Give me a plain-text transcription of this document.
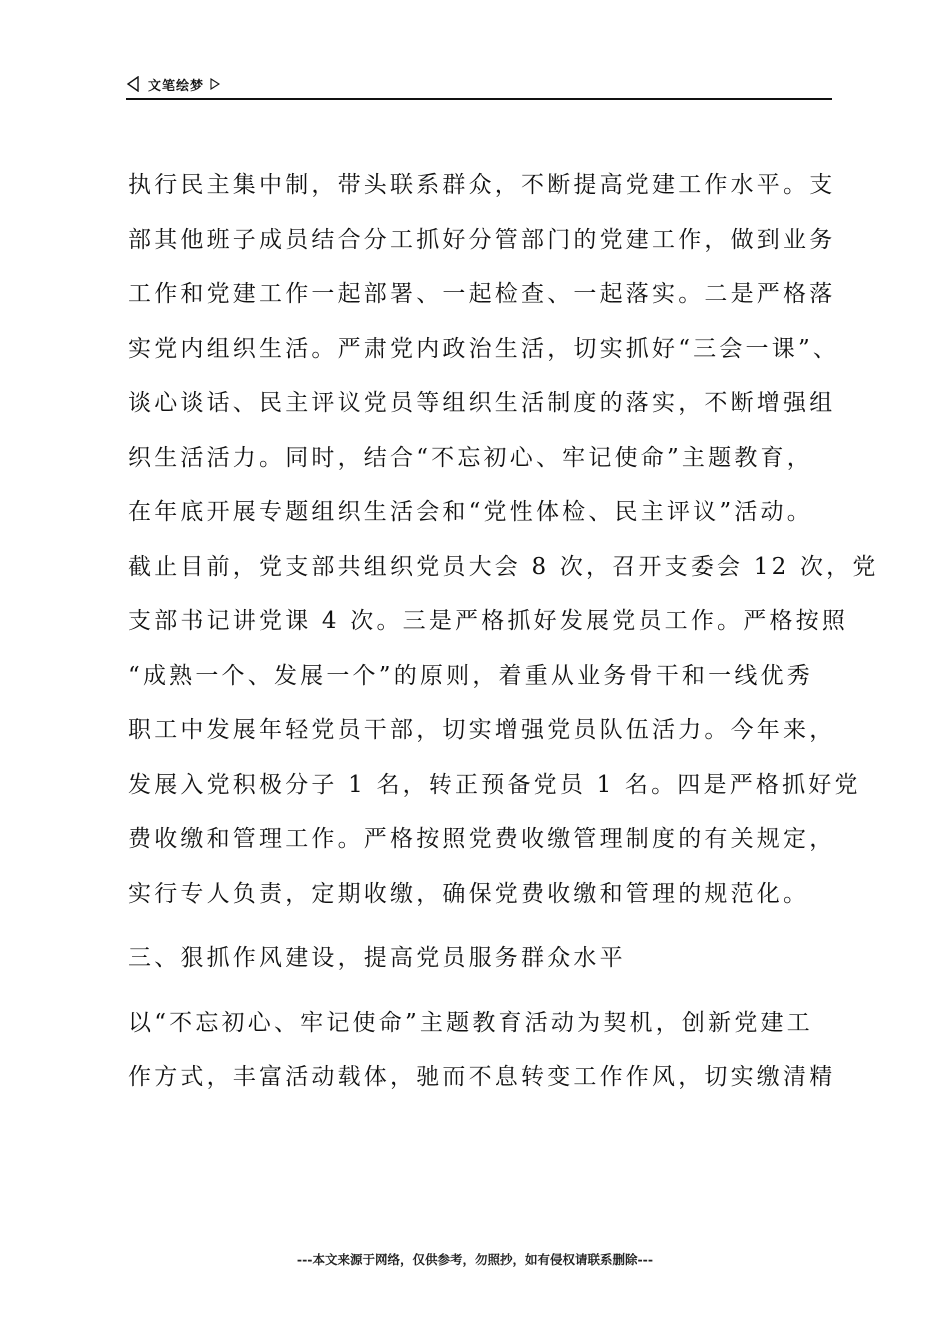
文笔绘梦
执行民主集中制，带头联系群众，不断提高党建工作水平。支
部其他班子成员结合分工抓好分管部门的党建工作，做到业务
工作和党建工作一起部署、一起检查、一起落实。二是严格落
实党内组织生活。严肃党内政治生活，切实抓好“三会一课”、
谈心谈话、民主评议党员等组织生活制度的落实，不断增强组
织生活活力。同时，结合“不忘初心、牢记使命”主题教育，
在年底开展专题组织生活会和“党性体检、民主评议”活动。
截止目前，党支部共组织党员大会 8 次，召开支委会 12 次，党
支部书记讲党课 4 次。三是严格抓好发展党员工作。严格按照
“成熟一个、发展一个”的原则，着重从业务骨干和一线优秀
职工中发展年轻党员干部，切实增强党员队伍活力。今年来，
发展入党积极分子 1 名，转正预备党员 1 名。四是严格抓好党
费收缴和管理工作。严格按照党费收缴管理制度的有关规定，
实行专人负责，定期收缴，确保党费收缴和管理的规范化。
三、狠抓作风建设，提高党员服务群众水平
以“不忘初心、牢记使命”主题教育活动为契机，创新党建工
作方式，丰富活动载体，驰而不息转变工作作风，切实缴清精
---本文来源于网络，仅供参考，勿照抄，如有侵权请联系删除---
